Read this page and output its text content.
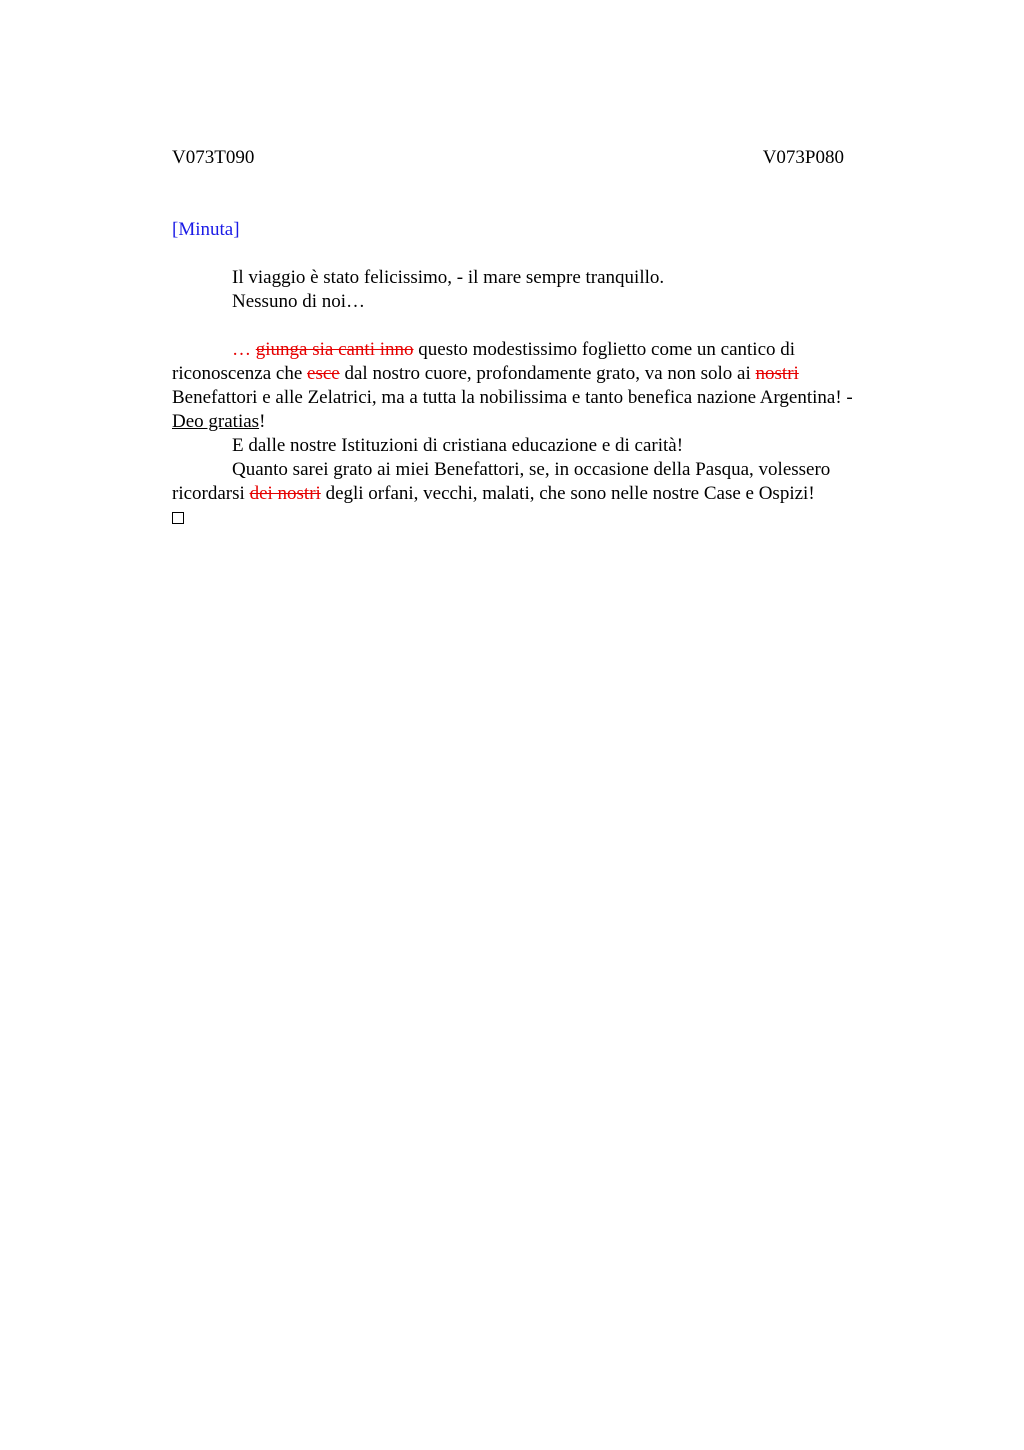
V073T090	V073P080
[Minuta]
Il viaggio è stato felicissimo, - il mare sempre tranquillo.
Nessuno di noi…
… giunga sia canti inno questo modestissimo foglietto come un cantico di
riconoscenza che esce dal nostro cuore, profondamente grato, va non solo ai nostri
Benefattori e alle Zelatrici, ma a tutta la nobilissima e tanto benefica nazione Argentina! -
Deo gratias!
E dalle nostre Istituzioni di cristiana educazione e di carità!
Quanto sarei grato ai miei Benefattori, se, in occasione della Pasqua, volessero
ricordarsi dei nostri degli orfani, vecchi, malati, che sono nelle nostre Case e Ospizi!
